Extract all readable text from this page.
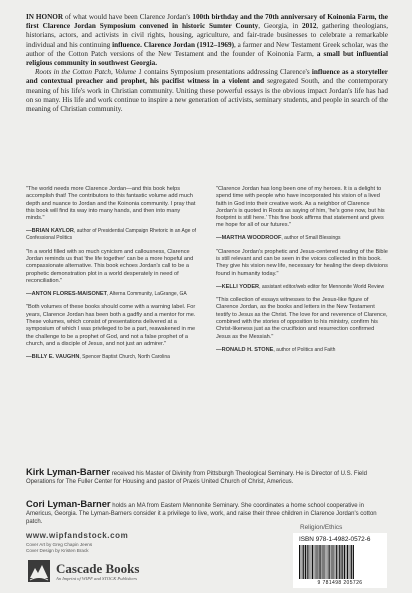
IN HONOR of what would have been Clarence Jordan's 100th birthday and the 70th anniversary of Koinonia Farm, the first Clarence Jordan Symposium convened in historic Sumter County, Georgia, in 2012, gathering theologians, historians, actors, and activists in civil rights, housing, agriculture, and fair-trade businesses to celebrate a remarkable individual and his continuing influence. Clarence Jordan (1912–1969), a farmer and New Testament Greek scholar, was the author of the Cotton Patch versions of the New Testament and the founder of Koinonia Farm, a small but influential religious community in southwest Georgia.

Roots in the Cotton Patch, Volume 1 contains Symposium presentations addressing Clarence's influence as a storyteller and contextual preacher and prophet, his pacifist witness in a violent and segregated South, and the contemporary meaning of his life's work in Christian community. Uniting these powerful essays is the obvious impact Jordan's life has had on so many. His life and work continue to inspire a new generation of activists, seminary students, and people in search of the meaning of Christian community.

"The world needs more Clarence Jordan—and this book helps accomplish that! The contributors to this fantastic volume add much depth and nuance to Jordan and the Koinonia community. I pray that this book will find its way into many hands, and then into many minds."

—BRIAN KAYLOR, author of Presidential Campaign Rhetoric in an Age of Confessional Politics

"In a world filled with so much cynicism and callousness, Clarence Jordan reminds us that 'the life together' can be a more hopeful and compassionate alternative. This book echoes Jordan's call to be a prophetic demonstration plot in a world desperately in need of reconciliation."

—ANTON FLORES-MAISONET, Alterna Community, LaGrange, GA

"Both volumes of these books should come with a warning label. For years, Clarence Jordan has been both a gadfly and a mentor for me. These volumes, which consist of presentations delivered at a symposium of which I was privileged to be a part, reawakened in me the challenge to be a prophet of God, and not a false prophet of a church, and a disciple of Jesus, and not just an admirer."

—BILLY E. VAUGHN, Spencer Baptist Church, North Carolina

"Clarence Jordan has long been one of my heroes. It is a delight to spend time with people who have incorporated his vision of a lived faith in God into their creative work. As a neighbor of Clarence Jordan's is quoted in Roots as saying of him, 'he's gone now, but his footprint is still here.' This fine book affirms that statement and gives me hope for all of our futures."

—MARTHA WOODROOF, author of Small Blessings

"Clarence Jordan's prophetic and Jesus-centered reading of the Bible is still relevant and can be seen in the voices collected in this book. They give his vision new life, necessary for healing the deep divisions found in humanity today."

—KELLI YODER, assistant editor/web editor for Mennonite World Review

"This collection of essays witnesses to the Jesus-like figure of Clarence Jordan, as the books and letters in the New Testament testify to Jesus as the Christ. The love for and reverence of Clarence, combined with the stories of opposition to his ministry, confirm his Christ-likeness just as the crucifixion and resurrection confirmed Jesus as the Messiah."

—RONALD H. STONE, author of Politics and Faith

Kirk Lyman-Barner received his Master of Divinity from Pittsburgh Theological Seminary. He is Director of U.S. Field Operations for The Fuller Center for Housing and pastor of Praxis United Church of Christ, Americus.

Cori Lyman-Barner holds an MA from Eastern Mennonite Seminary. She coordinates a home school cooperative in Americus, Georgia. The Lyman-Barners consider it a privilege to live, work, and raise their three children in Clarence Jordan's cotton patch.

www.wipfandstock.com
Cover Art by Greg Chapin Jeens
Cover Design by Kristen Brack
Cascade Books
An Imprint of WIPF and STOCK Publishers
Religion/Ethics
ISBN 978-1-4982-0572-6
9 781498 205726
